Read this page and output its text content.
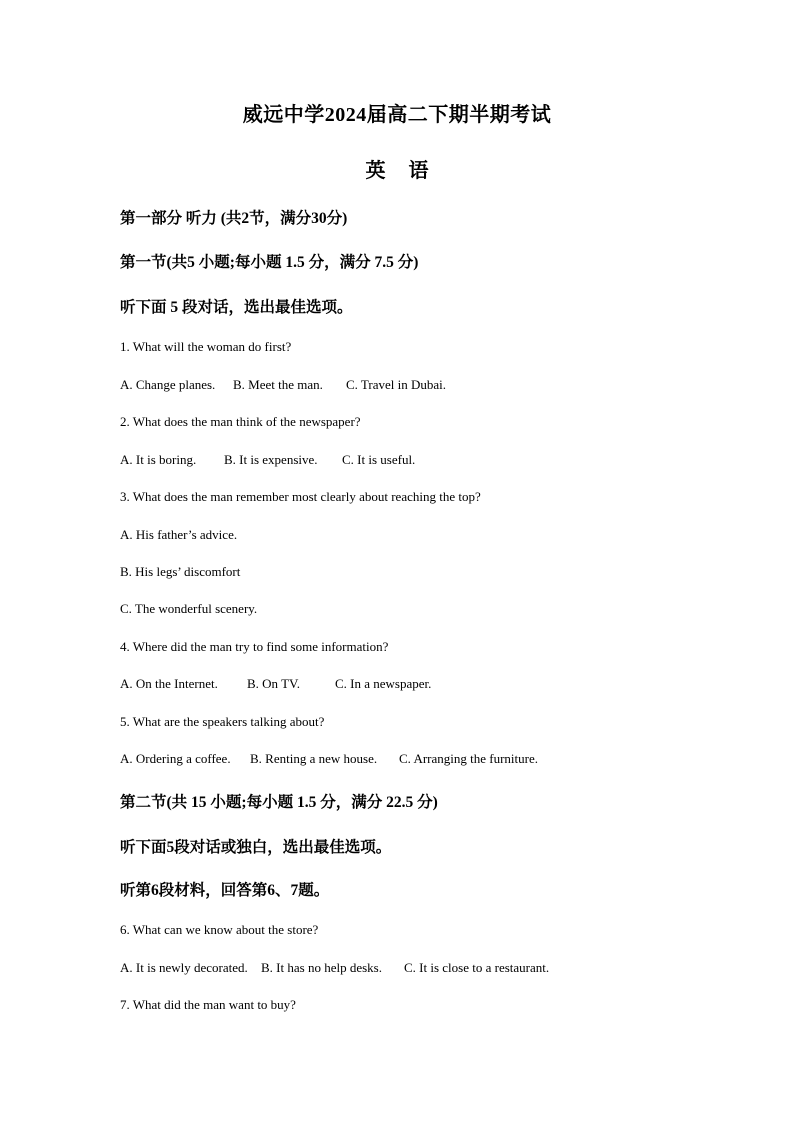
威远中学2024届高二下期半期考试
英 语
第一部分 听力 (共2节，满分30分)
第一节(共5 小题;每小题 1.5 分，满分 7.5 分)
听下面 5 段对话，选出最佳选项。
1. What will the woman do first?
A. Change planes. B. Meet the man. C. Travel in Dubai.
2. What does the man think of the newspaper?
A. It is boring. B. It is expensive. C. It is useful.
3. What does the man remember most clearly about reaching the top?
A. His father’s advice.
B. His legs’ discomfort
C. The wonderful scenery.
4. Where did the man try to find some information?
A. On the Internet. B. On TV.	C. In a newspaper.
5. What are the speakers talking about?
A. Ordering a coffee. B. Renting a new house. C. Arranging the furniture.
第二节(共 15 小题;每小题 1.5 分，满分 22.5 分)
听下面5段对话或独白，选出最佳选项。
听第6段材料，回答第6、7题。
6. What can we know about the store?
A. It is newly decorated. B. It has no help desks. C. It is close to a restaurant.
7. What did the man want to buy?
